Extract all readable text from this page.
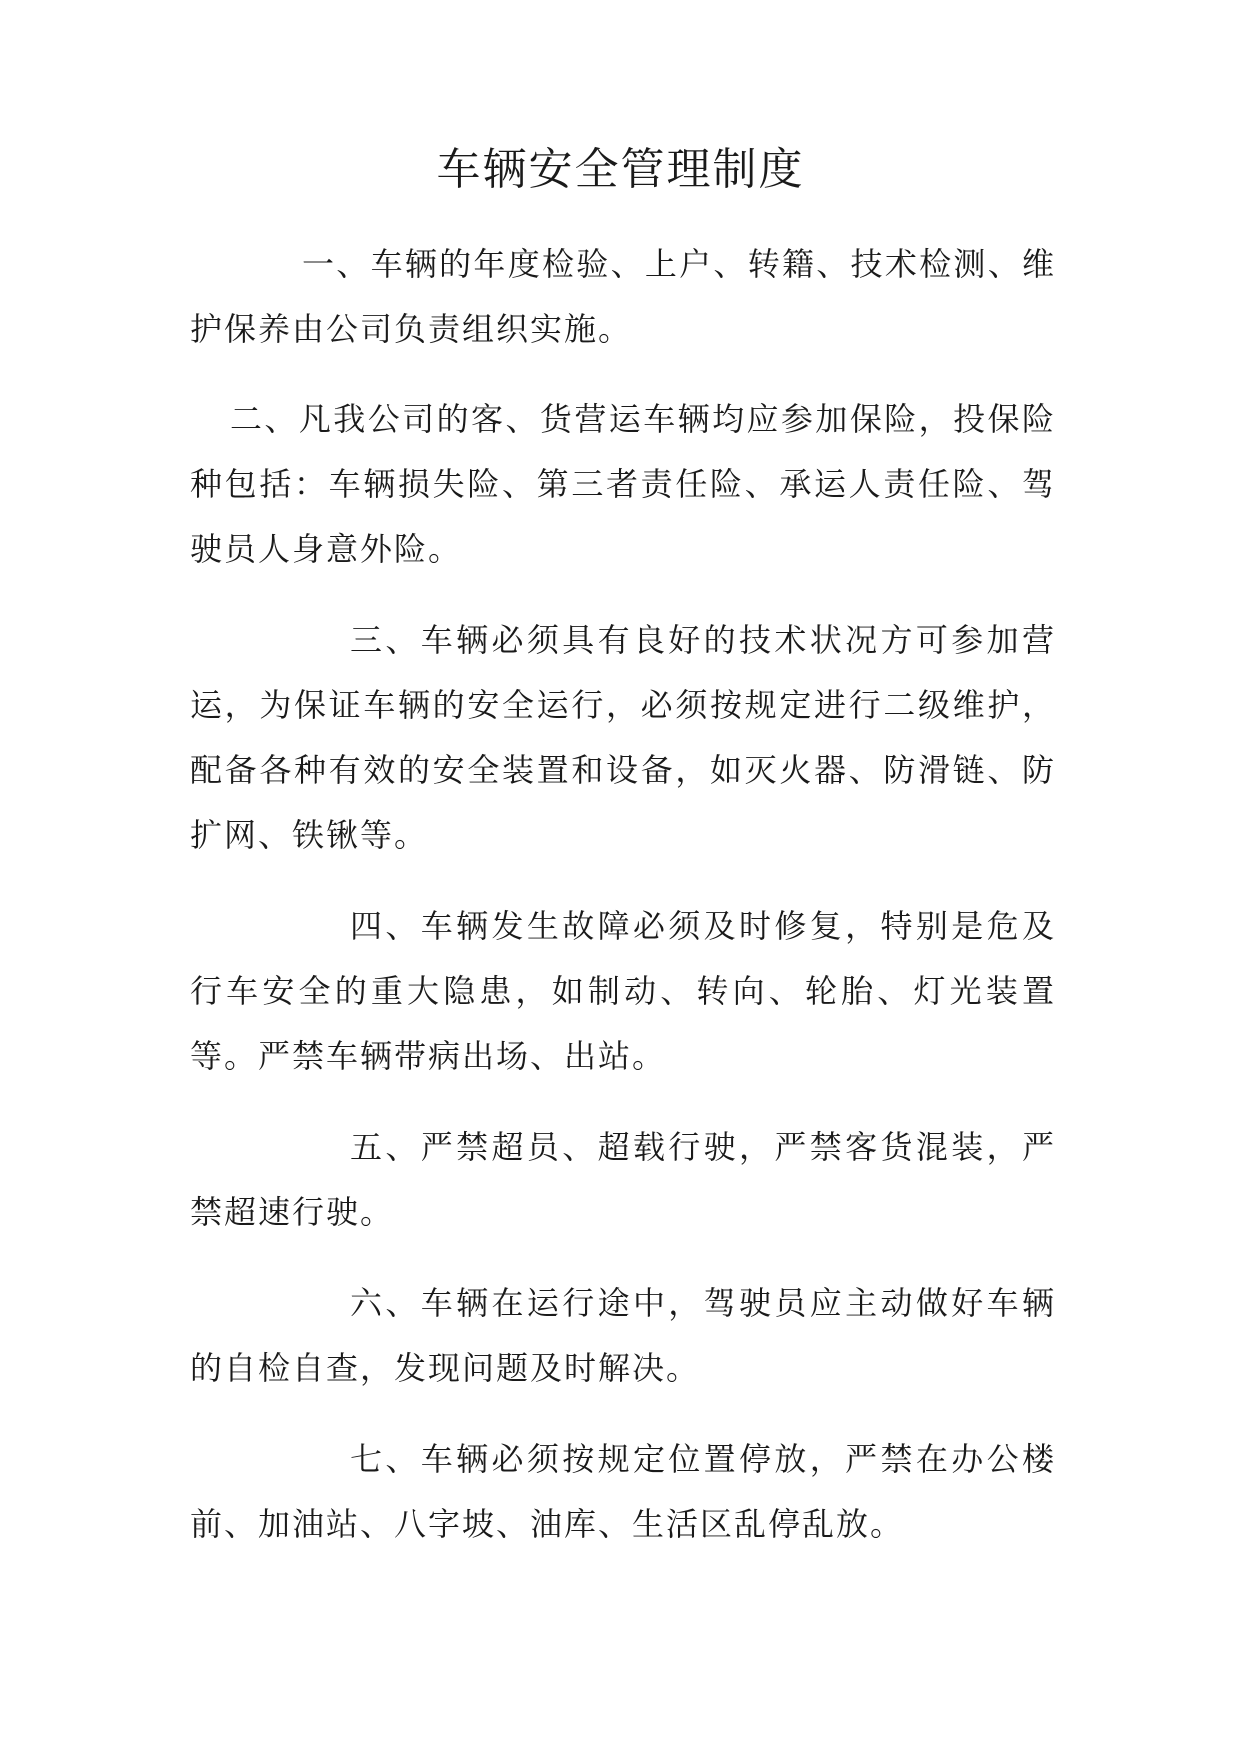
车辆安全管理制度

一、车辆的年度检验、上户、转籍、技术检测、维护保养由公司负责组织实施。

二、凡我公司的客、货营运车辆均应参加保险，投保险种包括：车辆损失险、第三者责任险、承运人责任险、驾驶员人身意外险。

三、车辆必须具有良好的技术状况方可参加营运，为保证车辆的安全运行，必须按规定进行二级维护，配备各种有效的安全装置和设备，如灭火器、防滑链、防扩网、铁锹等。

四、车辆发生故障必须及时修复，特别是危及行车安全的重大隐患，如制动、转向、轮胎、灯光装置等。严禁车辆带病出场、出站。

五、严禁超员、超载行驶，严禁客货混装，严禁超速行驶。

六、车辆在运行途中，驾驶员应主动做好车辆的自检自查，发现问题及时解决。

七、车辆必须按规定位置停放，严禁在办公楼前、加油站、八字坡、油库、生活区乱停乱放。
